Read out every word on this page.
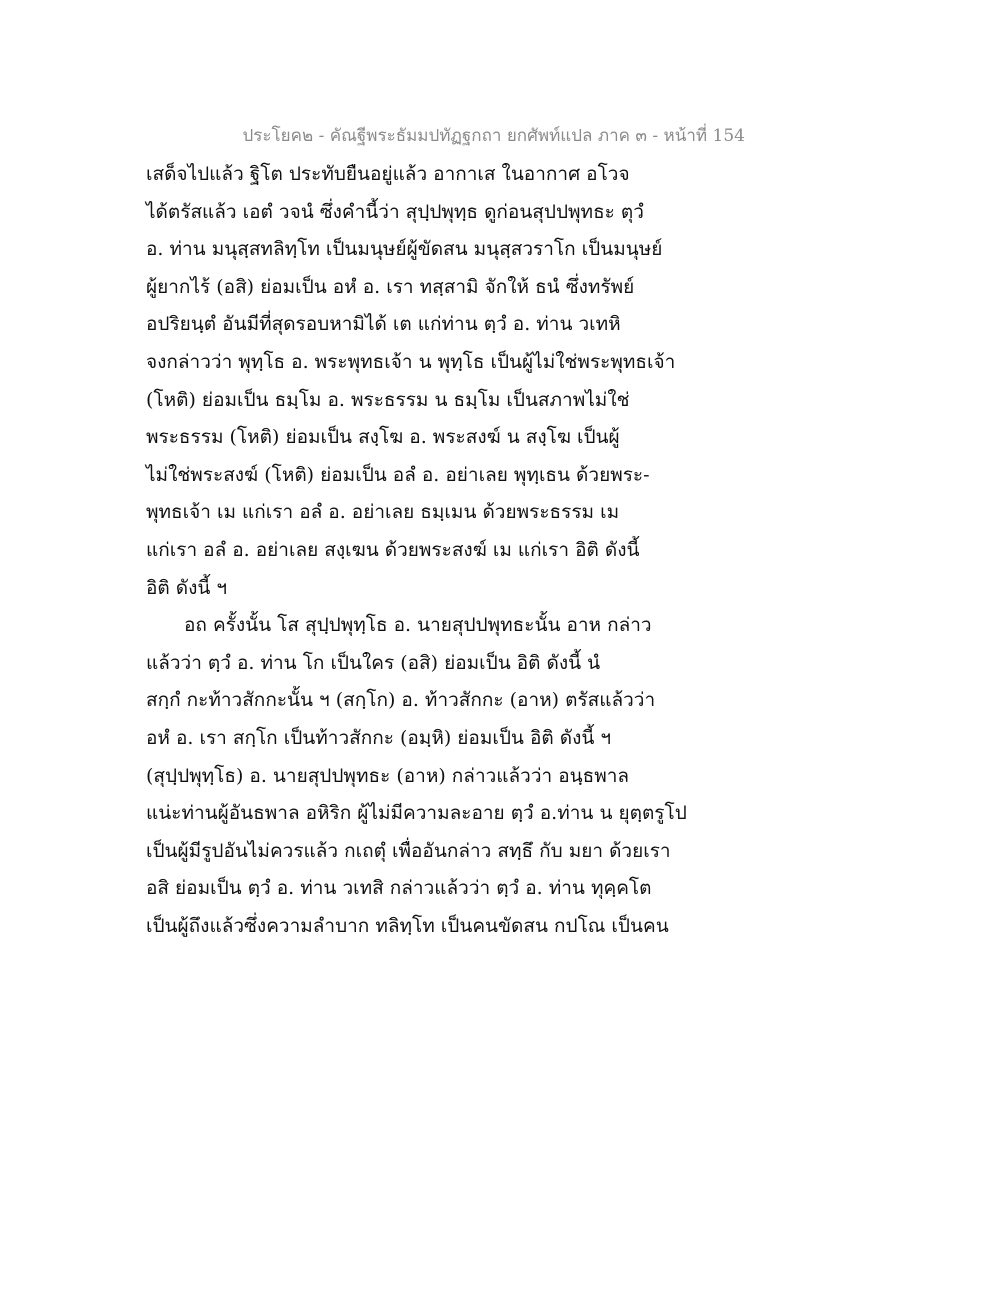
ประโยค๒ - คัณฐีพระธัมมปทัฏฐกถา ยกศัพท์แปล ภาค ๓ - หน้าที่ 154
เสด็จไปแล้ว ฐิโต ประทับยืนอยู่แล้ว อากาเส ในอากาศ อโวจ
ได้ตรัสแล้ว เอตํ วจนํ ซึ่งคำนี้ว่า สุปฺปพุทฺธ ดูก่อนสุปปพุทธะ ตุวํ
อ. ท่าน มนุสฺสทลิทฺโท เป็นมนุษย์ผู้ขัดสน มนุสฺสวราโก เป็นมนุษย์
ผู้ยากไร้ (อสิ) ย่อมเป็น อหํ อ. เรา ทสฺสามิ จักให้ ธนํ ซึ่งทรัพย์
อปริยนฺตํ อันมีที่สุดรอบหามิได้ เต แก่ท่าน ตฺวํ อ. ท่าน วเทหิ
จงกล่าวว่า พุทฺโธ อ. พระพุทธเจ้า น พุทฺโธ เป็นผู้ไม่ใช่พระพุทธเจ้า
(โหติ) ย่อมเป็น ธมฺโม อ. พระธรรม น ธมฺโม เป็นสภาพไม่ใช่
พระธรรม (โหติ) ย่อมเป็น สงฺโฆ อ. พระสงฆ์ น สงฺโฆ เป็นผู้
ไม่ใช่พระสงฆ์ (โหติ) ย่อมเป็น อลํ อ. อย่าเลย พุทฺเธน ด้วยพระ-
พุทธเจ้า เม แก่เรา อลํ อ. อย่าเลย ธมฺเมน ด้วยพระธรรม เม
แก่เรา อลํ อ. อย่าเลย สงฺเฆน ด้วยพระสงฆ์ เม แก่เรา อิติ ดังนี้
อิติ ดังนี้ ฯ
อถ ครั้งนั้น โส สุปฺปพุทฺโธ อ. นายสุปปพุทธะนั้น อาห กล่าว
แล้วว่า ตฺวํ อ. ท่าน โก เป็นใคร (อสิ) ย่อมเป็น อิติ ดังนี้ นํ
สกฺกํ กะท้าวสักกะนั้น ฯ (สกฺโก) อ. ท้าวสักกะ (อาห) ตรัสแล้วว่า
อหํ อ. เรา สกฺโก เป็นท้าวสักกะ (อมฺหิ) ย่อมเป็น อิติ ดังนี้ ฯ
(สุปฺปพุทฺโธ) อ. นายสุปปพุทธะ (อาห) กล่าวแล้วว่า อนฺธพาล
แน่ะท่านผู้อันธพาล อหิริก ผู้ไม่มีความละอาย ตฺวํ อ.ท่าน น ยุตฺตรูโป
เป็นผู้มีรูปอันไม่ควรแล้ว กเถตุํ เพื่ออันกล่าว สทฺธึ กับ มยา ด้วยเรา
อสิ ย่อมเป็น ตฺวํ อ. ท่าน วเทสิ กล่าวแล้วว่า ตฺวํ อ. ท่าน ทุคฺคโต
เป็นผู้ถึงแล้วซึ่งความลำบาก ทลิทฺโท เป็นคนขัดสน กปโณ เป็นคน
